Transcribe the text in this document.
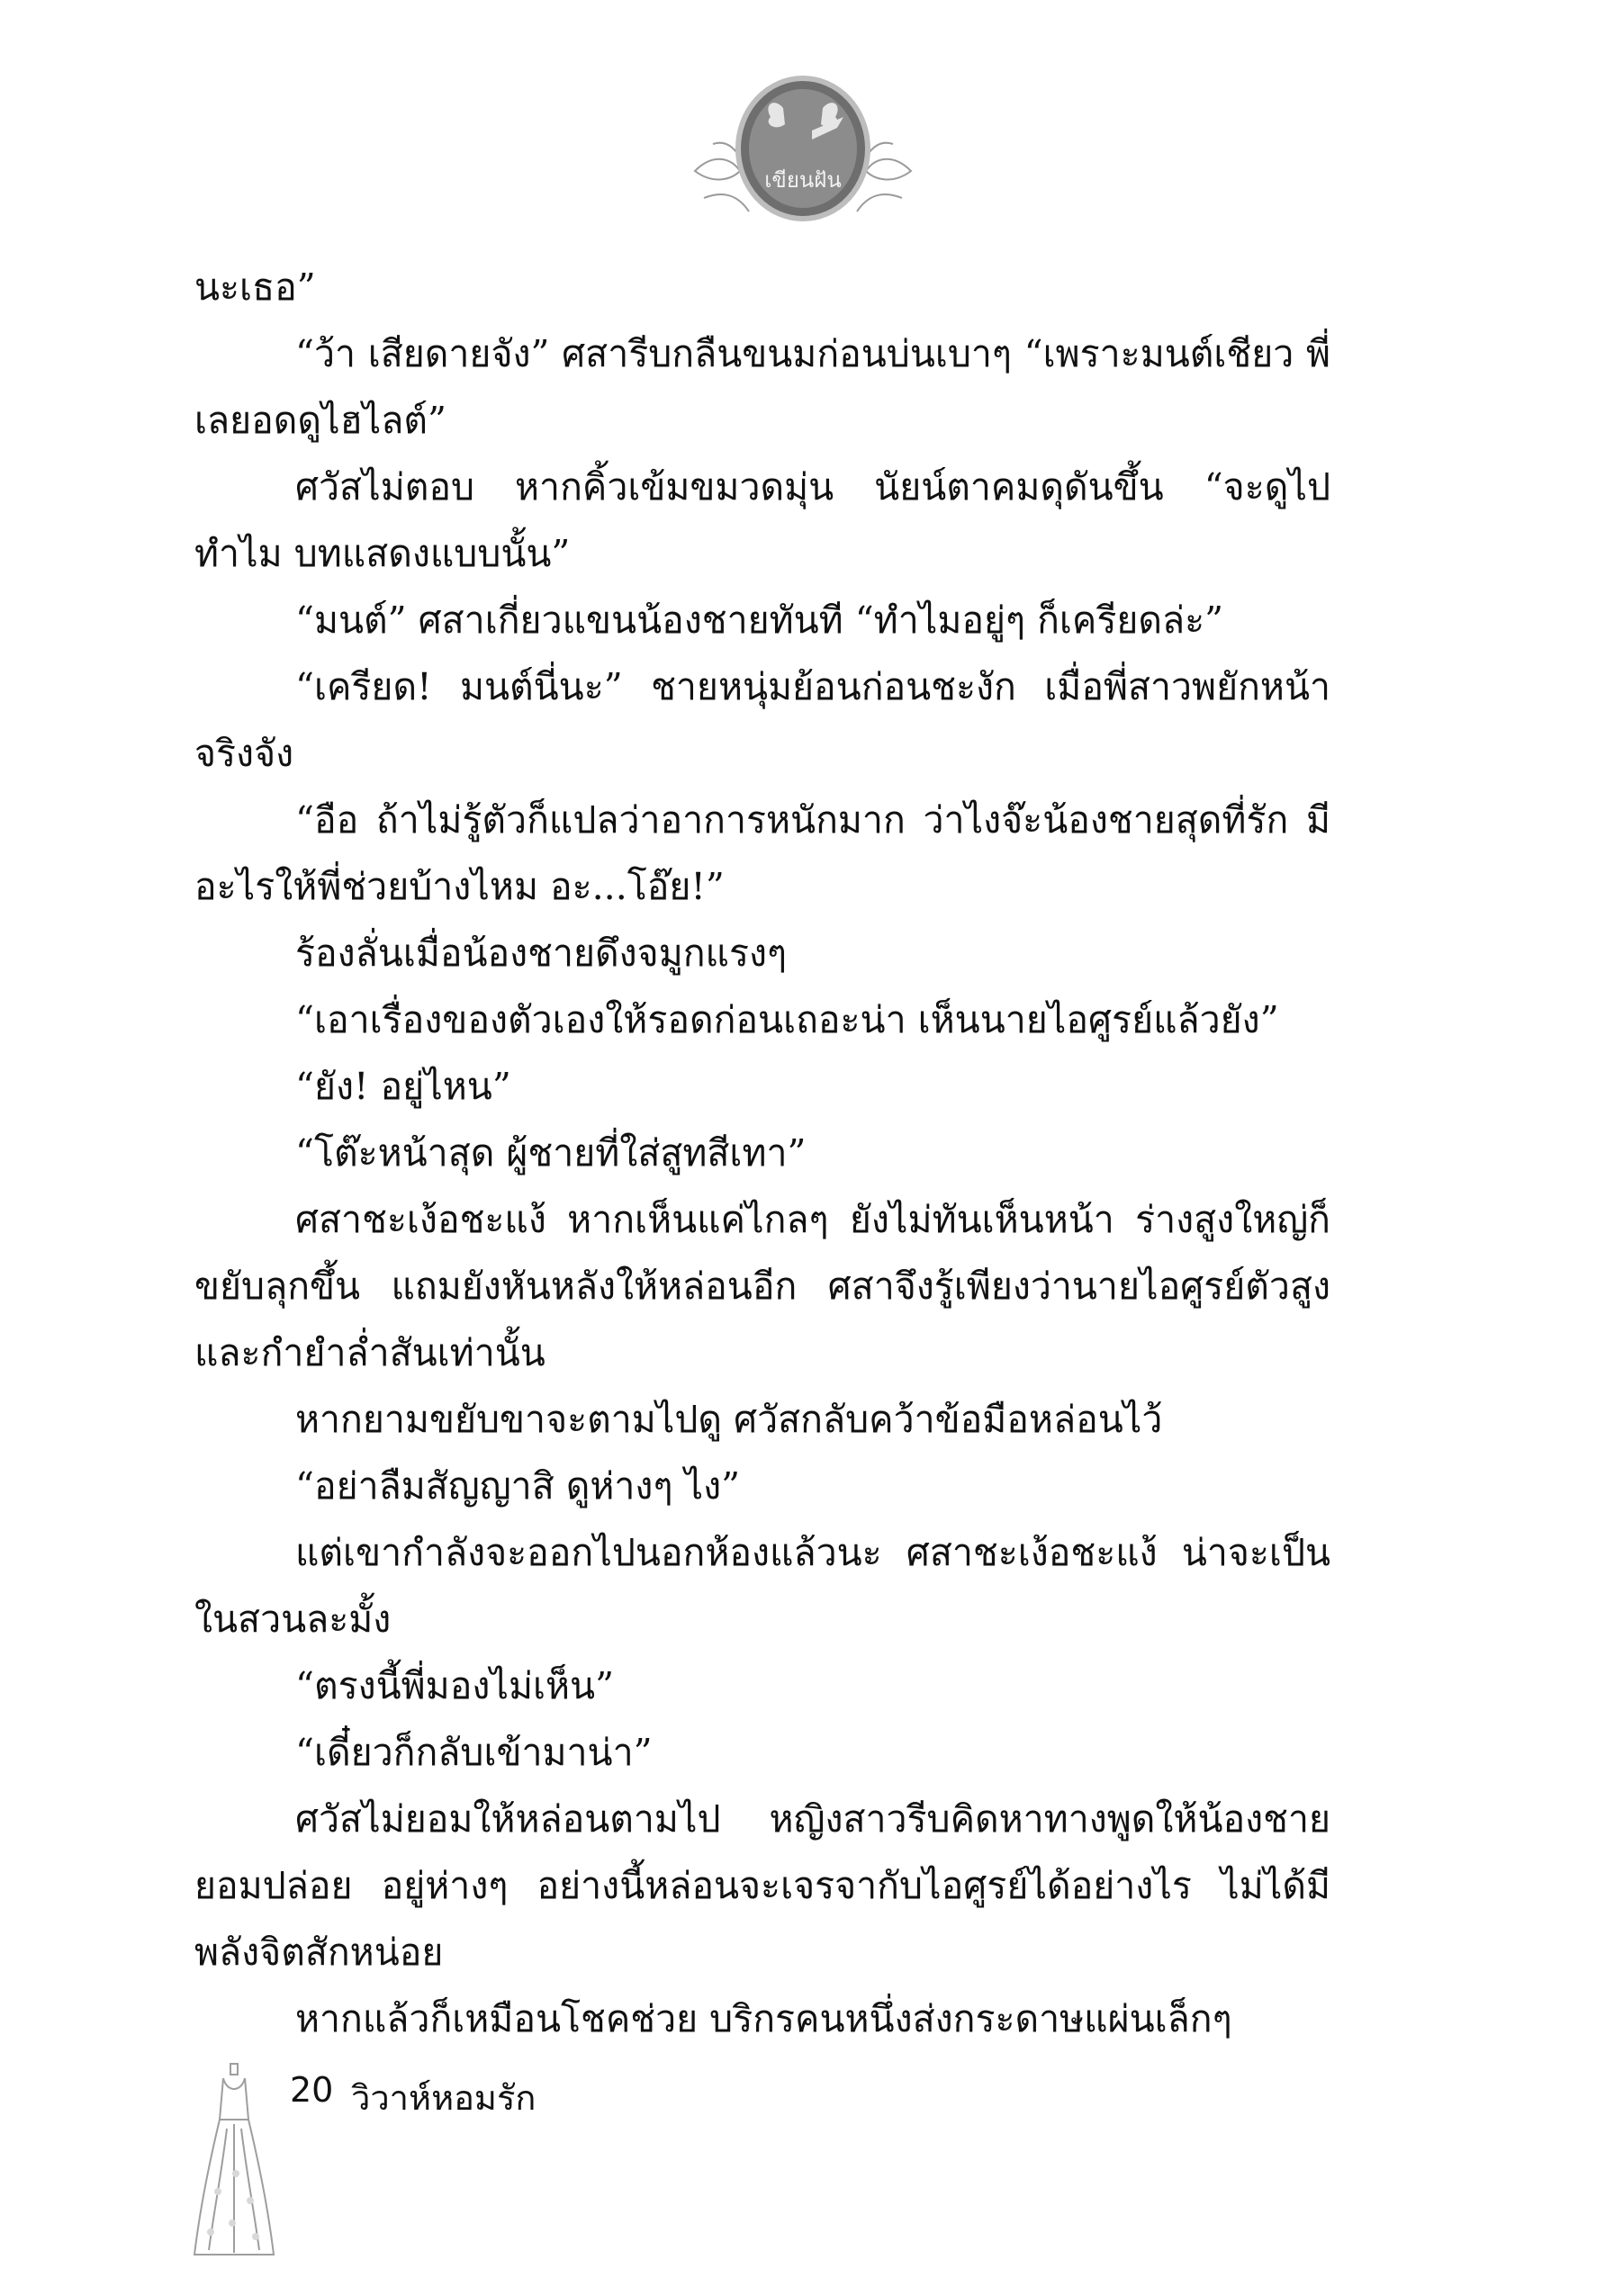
เขียนฝัน

นะเธอ”

“ว้า เสียดายจัง” ศสารีบกลืนขนมก่อนบ่นเบาๆ “เพราะมนต์เชียว พี่เลยอดดูไฮไลต์”

ศวัสไม่ตอบ หากคิ้วเข้มขมวดมุ่น นัยน์ตาคมดุดันขึ้น “จะดูไปทำไม บทแสดงแบบนั้น”

“มนต์” ศสาเกี่ยวแขนน้องชายทันที “ทำไมอยู่ๆ ก็เครียดล่ะ”

“เครียด! มนต์นี่นะ” ชายหนุ่มย้อนก่อนชะงัก เมื่อพี่สาวพยักหน้าจริงจัง

“อือ ถ้าไม่รู้ตัวก็แปลว่าอาการหนักมาก ว่าไงจ๊ะน้องชายสุดที่รัก มีอะไรให้พี่ช่วยบ้างไหม อะ...โอ๊ย!”

ร้องลั่นเมื่อน้องชายดึงจมูกแรงๆ

“เอาเรื่องของตัวเองให้รอดก่อนเถอะน่า เห็นนายไอศูรย์แล้วยัง”

“ยัง! อยู่ไหน”

“โต๊ะหน้าสุด ผู้ชายที่ใส่สูทสีเทา”

ศสาชะเง้อชะแง้ หากเห็นแค่ไกลๆ ยังไม่ทันเห็นหน้า ร่างสูงใหญ่ก็ขยับลุกขึ้น แถมยังหันหลังให้หล่อนอีก ศสาจึงรู้เพียงว่านายไอศูรย์ตัวสูงและกำยำล่ำสันเท่านั้น

หากยามขยับขาจะตามไปดู ศวัสกลับคว้าข้อมือหล่อนไว้

“อย่าลืมสัญญาสิ ดูห่างๆ ไง”

แต่เขากำลังจะออกไปนอกห้องแล้วนะ ศสาชะเง้อชะแง้ น่าจะเป็นในสวนละมั้ง

“ตรงนี้พี่มองไม่เห็น”

“เดี๋ยวก็กลับเข้ามาน่า”

ศวัสไม่ยอมให้หล่อนตามไป หญิงสาวรีบคิดหาทางพูดให้น้องชายยอมปล่อย อยู่ห่างๆ อย่างนี้หล่อนจะเจรจากับไอศูรย์ได้อย่างไร ไม่ได้มีพลังจิตสักหน่อย

หากแล้วก็เหมือนโชคช่วย บริกรคนหนึ่งส่งกระดาษแผ่นเล็กๆ

20 วิวาห์หอมรัก
